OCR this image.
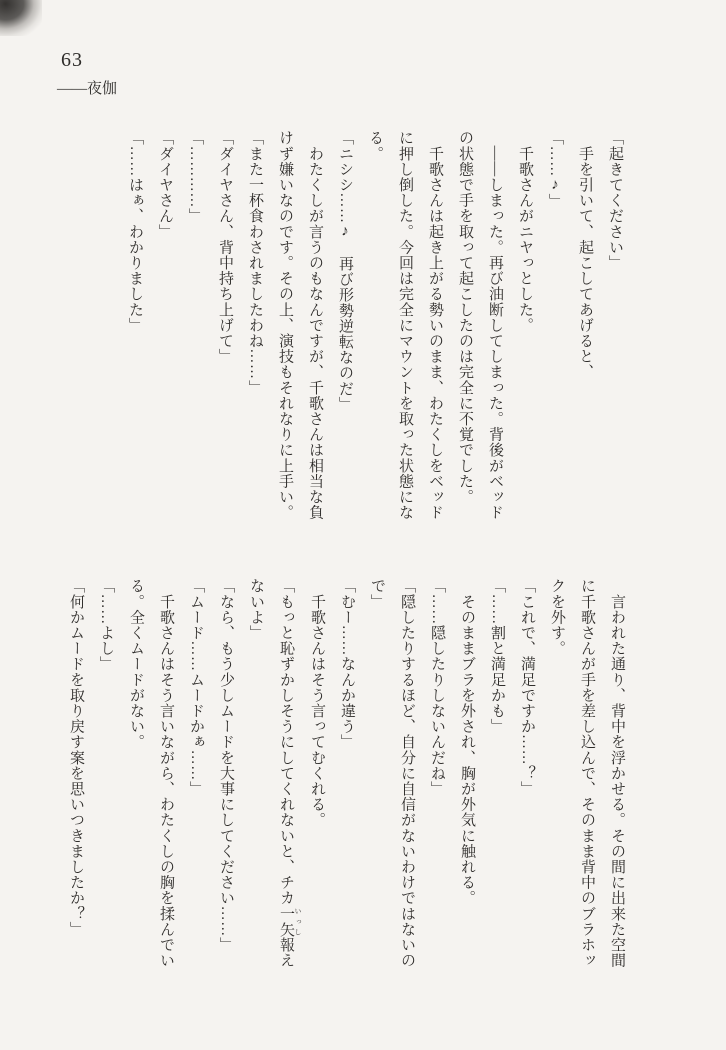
63
――夜伽
「起きてください」
　手を引いて、起こしてあげると、
「……♪」
　千歌さんがニヤっとした。
　――しまった。再び油断してしまった。背後がベッド
の状態で手を取って起こしたのは完全に不覚でした。
　千歌さんは起き上がる勢いのまま、わたくしをベッド
に押し倒した。今回は完全にマウントを取った状態にな
る。
「ニシシ……♪　再び形勢逆転なのだ」
　わたくしが言うのもなんですが、千歌さんは相当な負
けず嫌いなのです。その上、演技もそれなりに上手い。
「また一杯食わされましたわね……」
「ダイヤさん、背中持ち上げて」
「…………」
「ダイヤさん」
「……はぁ、わかりました」
　言われた通り、背中を浮かせる。その間に出来た空間
に千歌さんが手を差し込んで、そのまま背中のブラホッ
クを外す。
「これで、満足ですか……？」
「……割と満足かも」
　そのままブラを外され、胸が外気に触れる。
「……隠したりしないんだね」
「隠したりするほど、自分に自信がないわけではないの
で」
「むー……なんか違う」
　千歌さんはそう言ってむくれる。
「もっと恥ずかしそうにしてくれないと、チカ一矢 いっし報え
ないよ」
「なら、もう少しムードを大事にしてください……」
「ムード……ムードかぁ……」
　千歌さんはそう言いながら、わたくしの胸を揉んでい
る。全くムードがない。
「……よし」
「何かムードを取り戻す案を思いつきましたか？」
